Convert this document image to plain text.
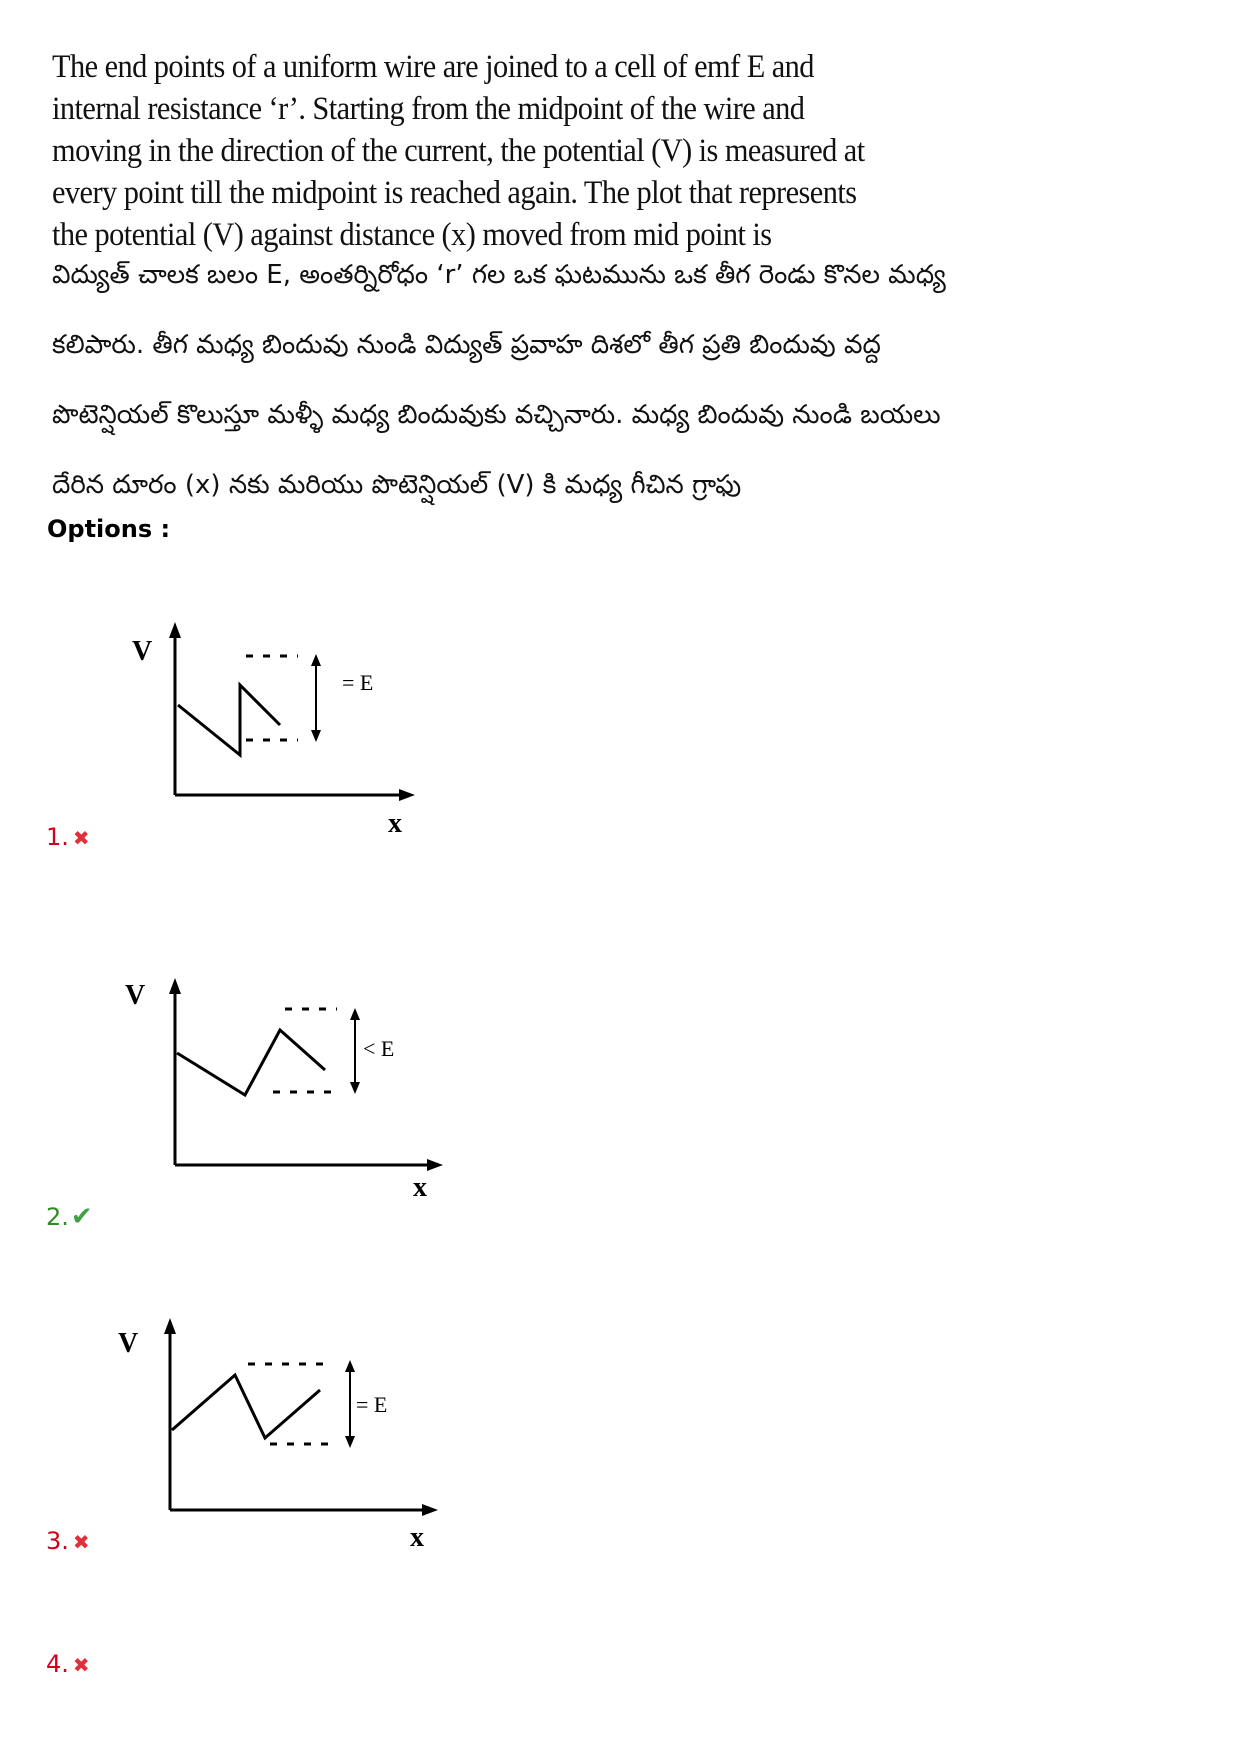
The end points of a uniform wire are joined to a cell of emf E and internal resistance ‘r’. Starting from the midpoint of the wire and moving in the direction of the current, the potential (V) is measured at every point till the midpoint is reached again. The plot that represents the potential (V) against distance (x) moved from mid point is

విద్యుత్ చాలక బలం E, అంతర్నిరోధం ‘r’ గల ఒక ఘటమును ఒక తీగ రెండు కొనల మధ్య కలిపారు. తీగ మధ్య బిందువు నుండి విద్యుత్ ప్రవాహ దిశలో తీగ ప్రతి బిందువు వద్ద పొటెన్షియల్ కొలుస్తూ మళ్ళీ మధ్య బిందువుకు వచ్చినారు. మధ్య బిందువు నుండి బయలు దేరిన దూరం (x) నకు మరియు పొటెన్షియల్ (V) కి మధ్య గీచిన గ్రాఫు

Options :

V
= E
x
1. ✖
V
< E
x
2.✔
V
= E
x
3. ✖
4. ✖
